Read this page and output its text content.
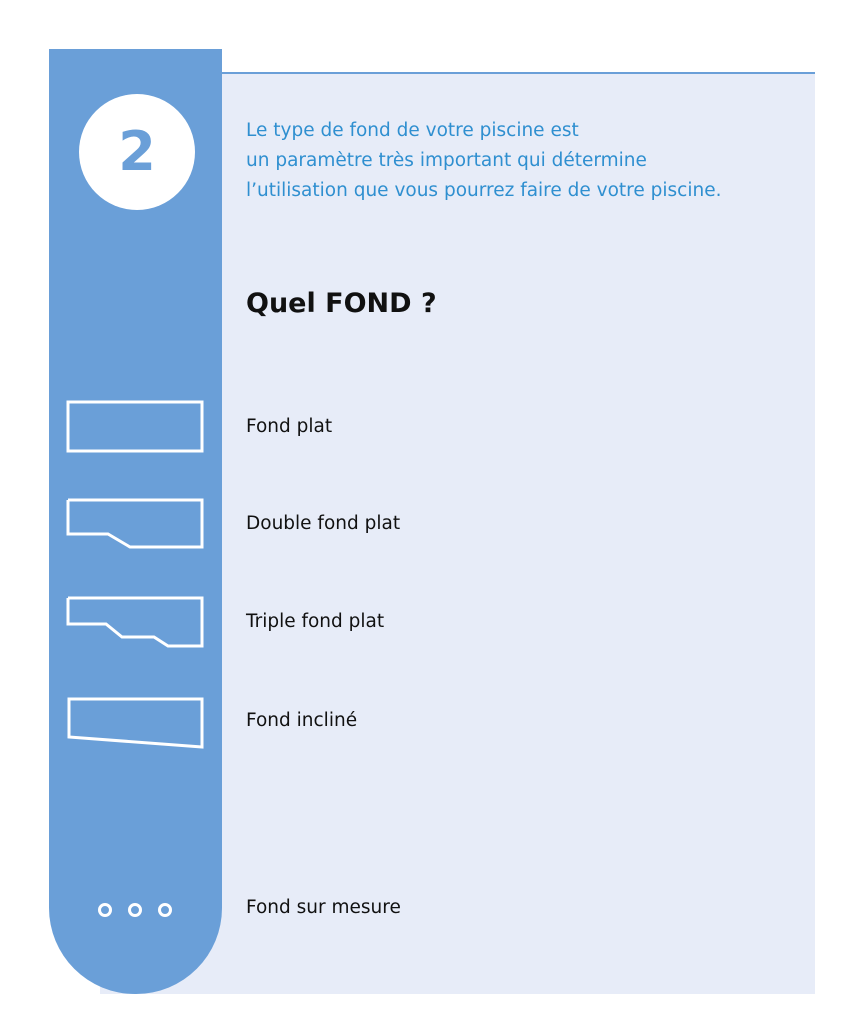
2	Le type de fond de votre piscine est
un paramètre très important qui détermine
l’utilisation que vous pourrez faire de votre piscine.

Quel FOND ?
Fond plat
Double fond plat
Triple fond plat
Fond incliné
Fond sur mesure
